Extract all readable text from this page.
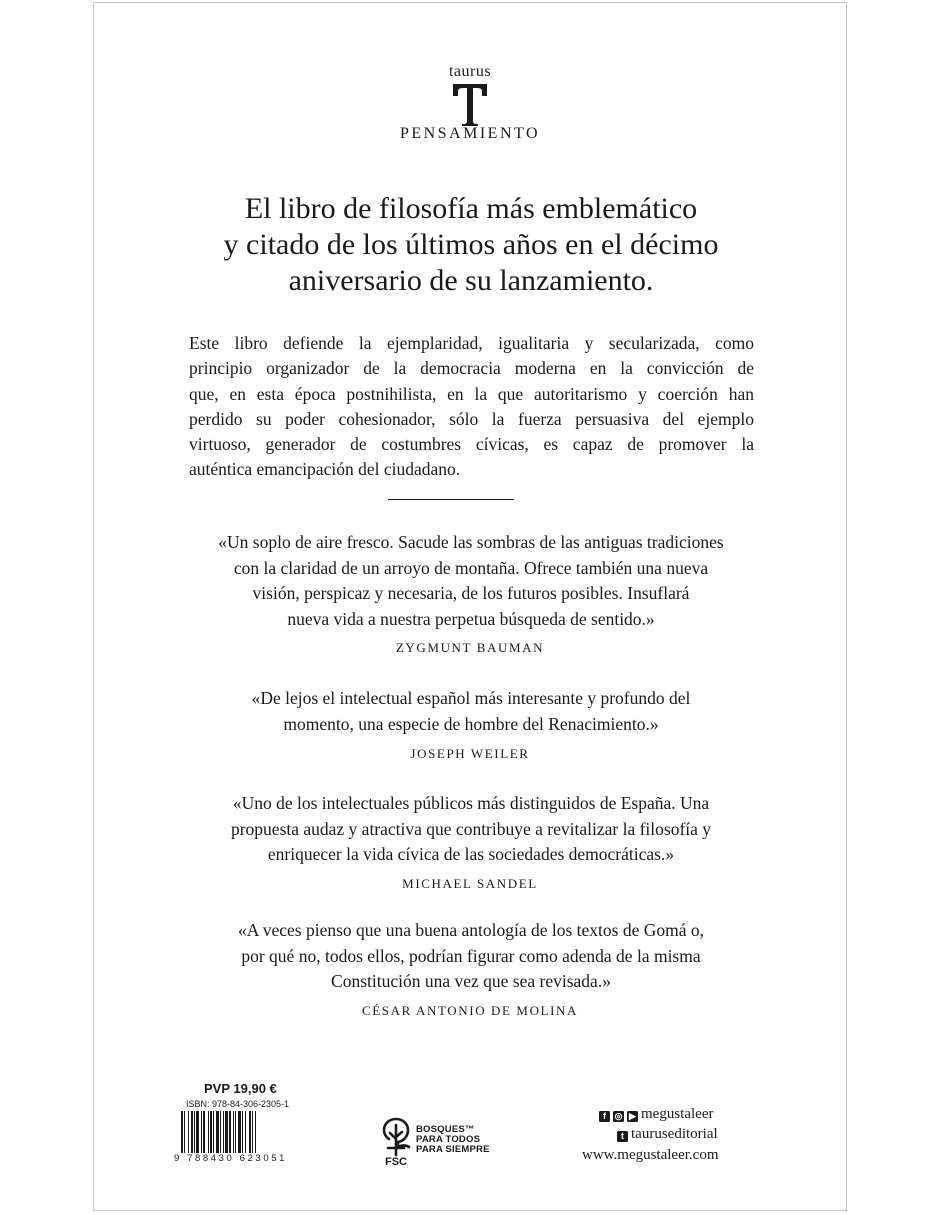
taurus
PENSAMIENTO
El libro de filosofía más emblemático
y citado de los últimos años en el décimo
aniversario de su lanzamiento.
Este libro defiende la ejemplaridad, igualitaria y secularizada, como
principio organizador de la democracia moderna en la convicción de
que, en esta época postnihilista, en la que autoritarismo y coerción han
perdido su poder cohesionador, sólo la fuerza persuasiva del ejemplo
virtuoso, generador de costumbres cívicas, es capaz de promover la
auténtica emancipación del ciudadano.
«Un soplo de aire fresco. Sacude las sombras de las antiguas tradiciones
con la claridad de un arroyo de montaña. Ofrece también una nueva
visión, perspicaz y necesaria, de los futuros posibles. Insuflará
nueva vida a nuestra perpetua búsqueda de sentido.»
ZYGMUNT BAUMAN
«De lejos el intelectual español más interesante y profundo del
momento, una especie de hombre del Renacimiento.»
JOSEPH WEILER
«Uno de los intelectuales públicos más distinguidos de España. Una
propuesta audaz y atractiva que contribuye a revitalizar la filosofía y
enriquecer la vida cívica de las sociedades democráticas.»
MICHAEL SANDEL
«A veces pienso que una buena antología de los textos de Gomá o,
por qué no, todos ellos, podrían figurar como adenda de la misma
Constitución una vez que sea revisada.»
CÉSAR ANTONIO DE MOLINA
PVP 19,90 €
ISBN: 978-84-306-2305-1
9 788430 623051	FSC
BOSQUES™
PARA TODOS
PARA SIEMPRE
f ◎ ▶ megustaleer
t tauruseditorial
www.megustaleer.com
